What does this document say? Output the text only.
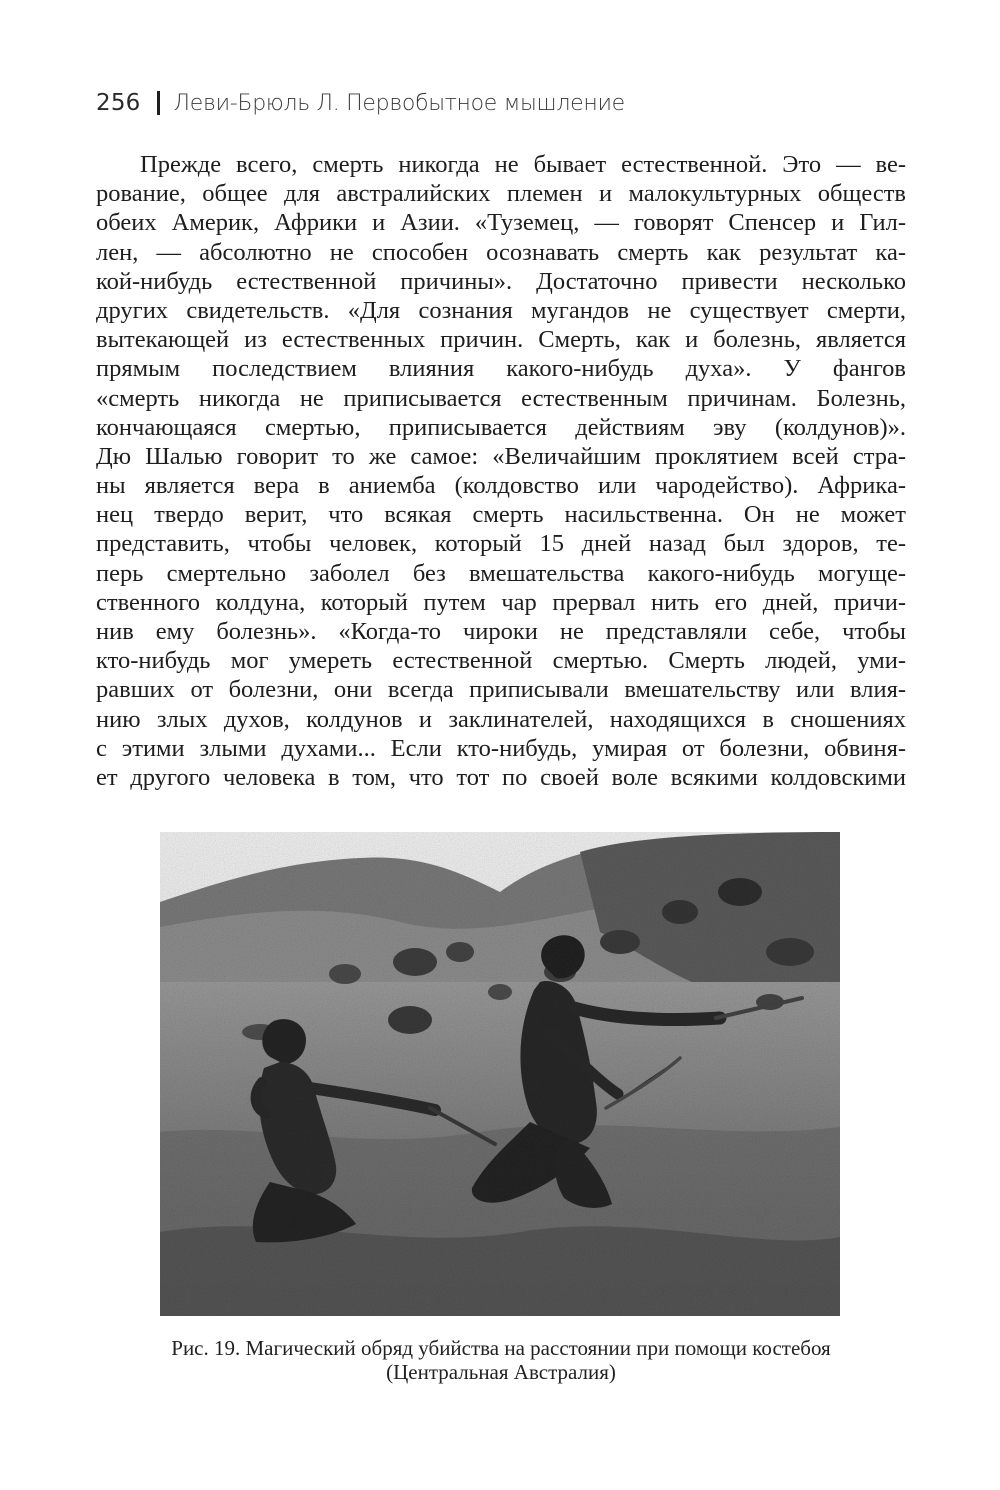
256 Леви-Брюль Л. Первобытное мышление
Прежде всего, смерть никогда не бывает естественной. Это — ве-
рование, общее для австралийских племен и малокультурных обществ
обеих Америк, Африки и Азии. «Туземец, — говорят Спенсер и Гил-
лен, — абсолютно не способен осознавать смерть как результат ка-
кой-нибудь естественной причины». Достаточно привести несколько
других свидетельств. «Для сознания мугандов не существует смерти,
вытекающей из естественных причин. Смерть, как и болезнь, является
прямым последствием влияния какого-нибудь духа». У фангов
«смерть никогда не приписывается естественным причинам. Болезнь,
кончающаяся смертью, приписывается действиям эву (колдунов)».
Дю Шалью говорит то же самое: «Величайшим проклятием всей стра-
ны является вера в аниемба (колдовство или чародейство). Африка-
нец твердо верит, что всякая смерть насильственна. Он не может
представить, чтобы человек, который 15 дней назад был здоров, те-
перь смертельно заболел без вмешательства какого-нибудь могуще-
ственного колдуна, который путем чар прервал нить его дней, причи-
нив ему болезнь». «Когда-то чироки не представляли себе, чтобы
кто-нибудь мог умереть естественной смертью. Смерть людей, уми-
равших от болезни, они всегда приписывали вмешательству или влия-
нию злых духов, колдунов и заклинателей, находящихся в сношениях
с этими злыми духами... Если кто-нибудь, умирая от болезни, обвиня-
ет другого человека в том, что тот по своей воле всякими колдовскими
Рис. 19. Магический обряд убийства на расстоянии при помощи костебоя
(Центральная Австралия)
